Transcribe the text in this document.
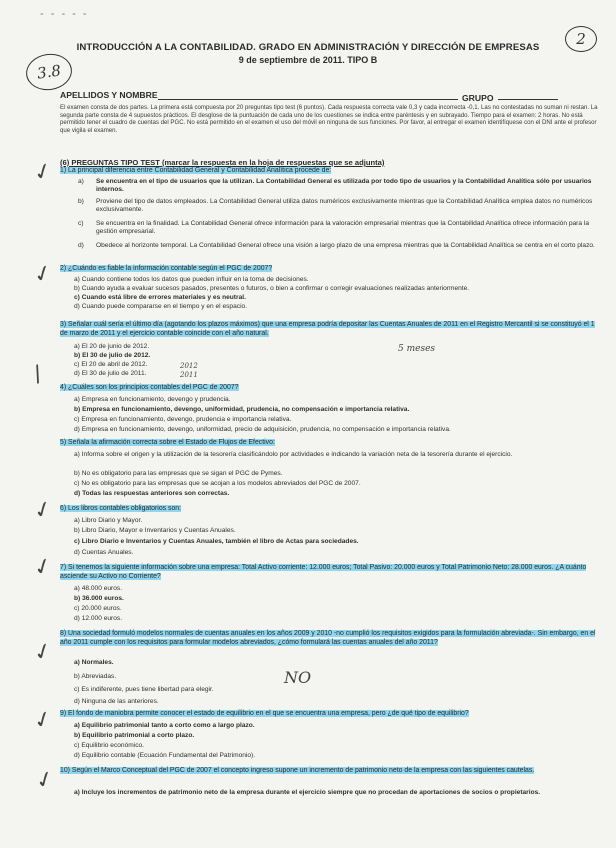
- - - - -
2
3.8
INTRODUCCIÓN A LA CONTABILIDAD. GRADO EN ADMINISTRACIÓN Y DIRECCIÓN DE EMPRESAS
9 de septiembre de 2011. TIPO B
APELLIDOS Y NOMBRE	GRUPO
El examen consta de dos partes. La primera está compuesta por 20 preguntas tipo test (6 puntos). Cada respuesta correcta vale 0,3 y cada incorrecta -0,1. Las no contestadas no suman ni restan. La segunda parte consta de 4 supuestos prácticos. El desglose de la puntuación de cada uno de los cuestiones se indica entre paréntesis y en subrayado. Tiempo para el examen: 2 horas. No está permitido tener el cuadro de cuentas del PGC. No está permitido en el examen el uso del móvil en ninguna de sus funciones. Por favor, al entregar el examen identifíquese con el DNI ante el profesor que vigila el examen.
(6) PREGUNTAS TIPO TEST (marcar la respuesta en la hoja de respuestas que se adjunta)
1) La principal diferencia entre Contabilidad General y Contabilidad Analítica procede de:
a) Se encuentra en el tipo de usuarios que la utilizan. La Contabilidad General es utilizada por todo tipo de usuarios y la Contabilidad Analítica sólo por usuarios internos.
b) Proviene del tipo de datos empleados. La Contabilidad General utiliza datos numéricos exclusivamente mientras que la Contabilidad Analítica emplea datos no numéricos exclusivamente.
c) Se encuentra en la finalidad. La Contabilidad General ofrece información para la valoración empresarial mientras que la Contabilidad Analítica ofrece información para la gestión empresarial.
d) Obedece al horizonte temporal. La Contabilidad General ofrece una visión a largo plazo de una empresa mientras que la Contabilidad Analítica se centra en el corto plazo.
2) ¿Cuándo es fiable la información contable según el PGC de 2007?
a) Cuando contiene todos los datos que pueden influir en la toma de decisiones.
b) Cuando ayuda a evaluar sucesos pasados, presentes o futuros, o bien a confirmar o corregir evaluaciones realizadas anteriormente.
c) Cuando está libre de errores materiales y es neutral.
d) Cuando puede compararse en el tiempo y en el espacio.
3) Señalar cuál sería el último día (agotando los plazos máximos) que una empresa podría depositar las Cuentas Anuales de 2011 en el Registro Mercantil si se constituyó el 1 de marzo de 2011 y el ejercicio contable coincide con el año natural.
5 meses
a) El 20 de junio de 2012.
b) El 30 de julio de 2012.
c) El 20 de abril de 2012.	2012
d) El 30 de julio de 2011.	2011
4) ¿Cuáles son los principios contables del PGC de 2007?
a) Empresa en funcionamiento, devengo y prudencia.
b) Empresa en funcionamiento, devengo, uniformidad, prudencia, no compensación e importancia relativa.
c) Empresa en funcionamiento, devengo, prudencia e importancia relativa.
d) Empresa en funcionamiento, devengo, uniformidad, precio de adquisición, prudencia, no compensación e importancia relativa.
5) Señala la afirmación correcta sobre el Estado de Flujos de Efectivo:
a) Informa sobre el origen y la utilización de la tesorería clasificándolo por actividades e indicando la variación neta de la tesorería durante el ejercicio.
b) No es obligatorio para las empresas que se sigan el PGC de Pymes.
c) No es obligatorio para las empresas que se acojan a los modelos abreviados del PGC de 2007.
d) Todas las respuestas anteriores son correctas.
6) Los libros contables obligatorios son:
a) Libro Diario y Mayor.
b) Libro Diario, Mayor e Inventarios y Cuentas Anuales.
c) Libro Diario e Inventarios y Cuentas Anuales, también el libro de Actas para sociedades.
d) Cuentas Anuales.
7) Si tenemos la siguiente información sobre una empresa: Total Activo corriente: 12.000 euros; Total Pasivo: 20.000 euros y Total Patrimonio Neto: 28.000 euros. ¿A cuánto asciende su Activo no Corriente?
a) 48.000 euros.
b) 36.000 euros.
c) 20.000 euros.
d) 12.000 euros.
8) Una sociedad formuló modelos normales de cuentas anuales en los años 2009 y 2010 -no cumplió los requisitos exigidos para la formulación abreviada-. Sin embargo, en el año 2011 cumple con los requisitos para formular modelos abreviados, ¿cómo formulará las cuentas anuales del año 2011?
a) Normales.
b) Abreviadas.
c) Es indiferente, pues tiene libertad para elegir.
d) Ninguna de las anteriores.
NO
9) El fondo de maniobra permite conocer el estado de equilibrio en el que se encuentra una empresa, pero ¿de qué tipo de equilibrio?
a) Equilibrio patrimonial tanto a corto como a largo plazo.
b) Equilibrio patrimonial a corto plazo.
c) Equilibrio económico.
d) Equilibrio contable (Ecuación Fundamental del Patrimonio).
10) Según el Marco Conceptual del PGC de 2007 el concepto ingreso supone un incremento de patrimonio neto de la empresa con las siguientes cautelas.
a) Incluye los incrementos de patrimonio neto de la empresa durante el ejercicio siempre que no procedan de aportaciones de socios o propietarios.
✓
✓
/
✓
✓
✓
✓
✓
